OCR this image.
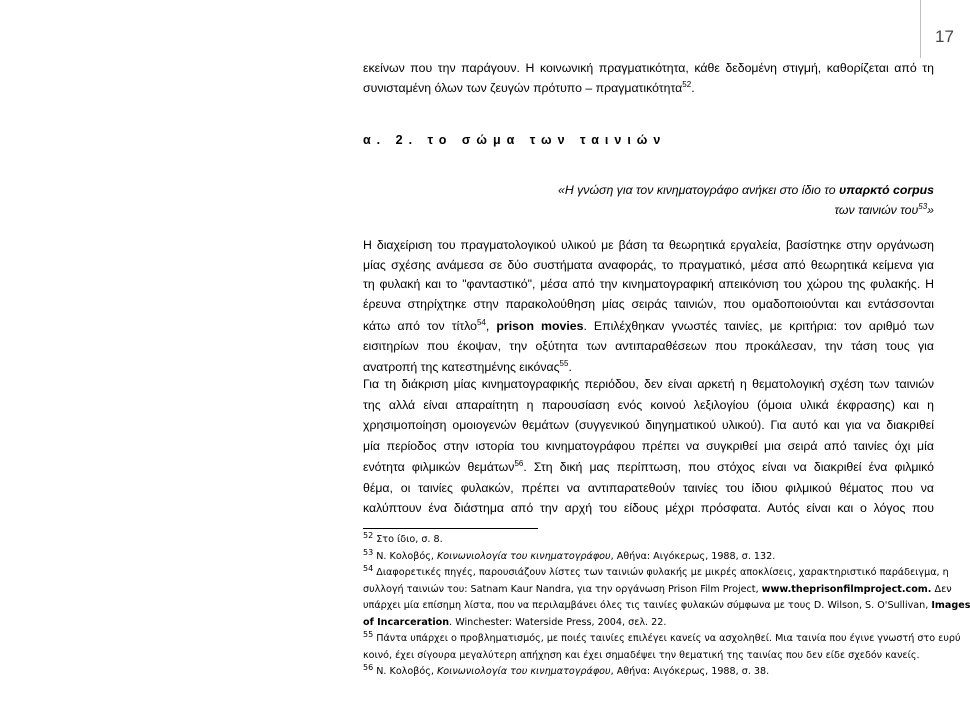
17
εκείνων που την παράγουν. Η κοινωνική πραγματικότητα, κάθε δεδομένη στιγμή, καθορίζεται από τη
συνισταμένη όλων των ζευγών πρότυπο – πραγματικότητα$^{52}$.
α. 2. το σώμα των ταινιών
«Η γνώση για τον κινηματογράφο ανήκει στο ίδιο το υπαρκτό corpus
των ταινιών του$^{53}$»
Η διαχείριση του πραγματολογικού υλικού με βάση τα θεωρητικά εργαλεία, βασίστηκε στην οργάνωση
μίας σχέσης ανάμεσα σε δύο συστήματα αναφοράς, το πραγματικό, μέσα από θεωρητικά κείμενα για
τη φυλακή και το "φανταστικό", μέσα από την κινηματογραφική απεικόνιση του χώρου της φυλακής. Η
έρευνα στηρίχτηκε στην παρακολούθηση μίας σειράς ταινιών, που ομαδοποιούνται και εντάσσονται
κάτω από τον τίτλο$^{54}$, prison movies. Επιλέχθηκαν γνωστές ταινίες, με κριτήρια: τον αριθμό των
εισιτηρίων που έκοψαν, την οξύτητα των αντιπαραθέσεων που προκάλεσαν, την τάση τους για
ανατροπή της κατεστημένης εικόνας$^{55}$.
Για τη διάκριση μίας κινηματογραφικής περιόδου, δεν είναι αρκετή η θεματολογική σχέση των ταινιών
της αλλά είναι απαραίτητη η παρουσίαση ενός κοινού λεξιλογίου (όμοια υλικά έκφρασης) και η
χρησιμοποίηση ομοιογενών θεμάτων (συγγενικού διηγηματικού υλικού). Για αυτό και για να διακριθεί
μία περίοδος στην ιστορία του κινηματογράφου πρέπει να συγκριθεί μια σειρά από ταινίες όχι μία
ενότητα φιλμικών θεμάτων$^{56}$. Στη δική μας περίπτωση, που στόχος είναι να διακριθεί ένα φιλμικό
θέμα, οι ταινίες φυλακών, πρέπει να αντιπαρατεθούν ταινίες του ίδιου φιλμικού θέματος που να
καλύπτουν ένα διάστημα από την αρχή του είδους μέχρι πρόσφατα. Αυτός είναι και ο λόγος που
$^{52}$ Στο ίδιο, σ. 8.
$^{53}$ Ν. Κολοβός, Κοινωνιολογία του κινηματογράφου, Αθήνα: Αιγόκερως, 1988, σ. 132.
$^{54}$ Διαφορετικές πηγές, παρουσιάζουν λίστες των ταινιών φυλακής με μικρές αποκλίσεις, χαρακτηριστικό παράδειγμα, η
συλλογή ταινιών του: Satnam Kaur Nandra, για την οργάνωση Prison Film Project, www.theprisonfilmproject.com. Δεν
υπάρχει μία επίσημη λίστα, που να περιλαμβάνει όλες τις ταινίες φυλακών σύμφωνα με τους D. Wilson, S. O'Sullivan, Images
of Incarceration. Winchester: Waterside Press, 2004, σελ. 22.
$^{55}$ Πάντα υπάρχει ο προβληματισμός, με ποιές ταινίες επιλέγει κανείς να ασχοληθεί. Μια ταινία που έγινε γνωστή στο ευρύ
κοινό, έχει σίγουρα μεγαλύτερη απήχηση και έχει σημαδέψει την θεματική της ταινίας που δεν είδε σχεδόν κανείς.
$^{56}$ Ν. Κολοβός, Κοινωνιολογία του κινηματογράφου, Αθήνα: Αιγόκερως, 1988, σ. 38.
